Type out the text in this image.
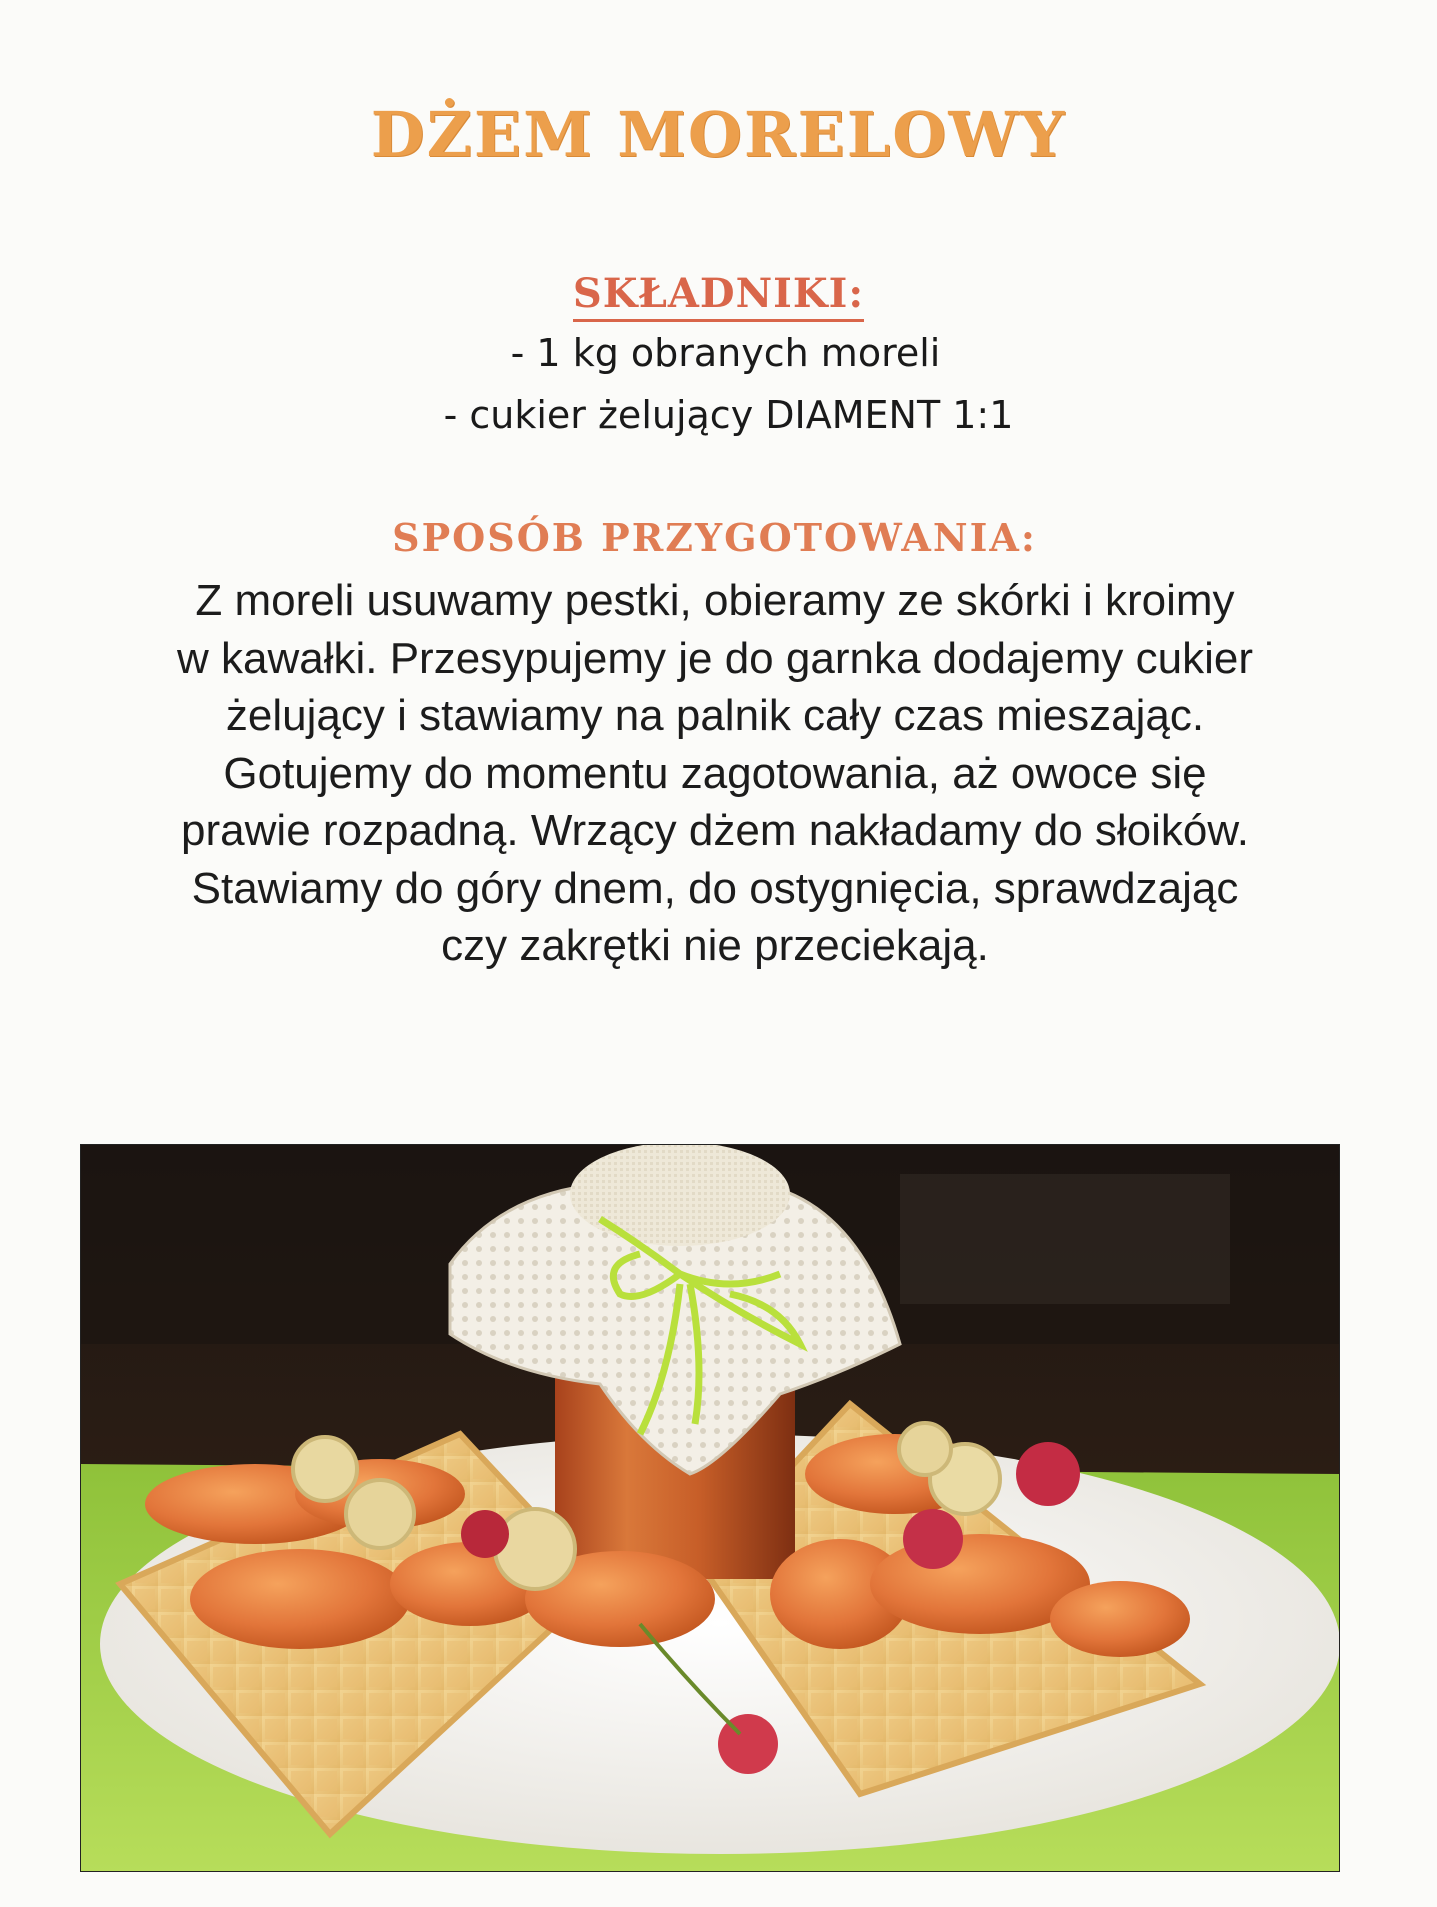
DŻEM MORELOWY
SKŁADNIKI:
- 1 kg obranych moreli
- cukier żelujący DIAMENT 1:1
SPOSÓB PRZYGOTOWANIA:
Z moreli usuwamy pestki, obieramy ze skórki i kroimy
w kawałki. Przesypujemy je do garnka dodajemy cukier
żelujący i stawiamy na palnik cały czas mieszając.
Gotujemy do momentu zagotowania, aż owoce się
prawie rozpadną. Wrzący dżem nakładamy do słoików.
Stawiamy do góry dnem, do ostygnięcia, sprawdzając
czy zakrętki nie przeciekają.
